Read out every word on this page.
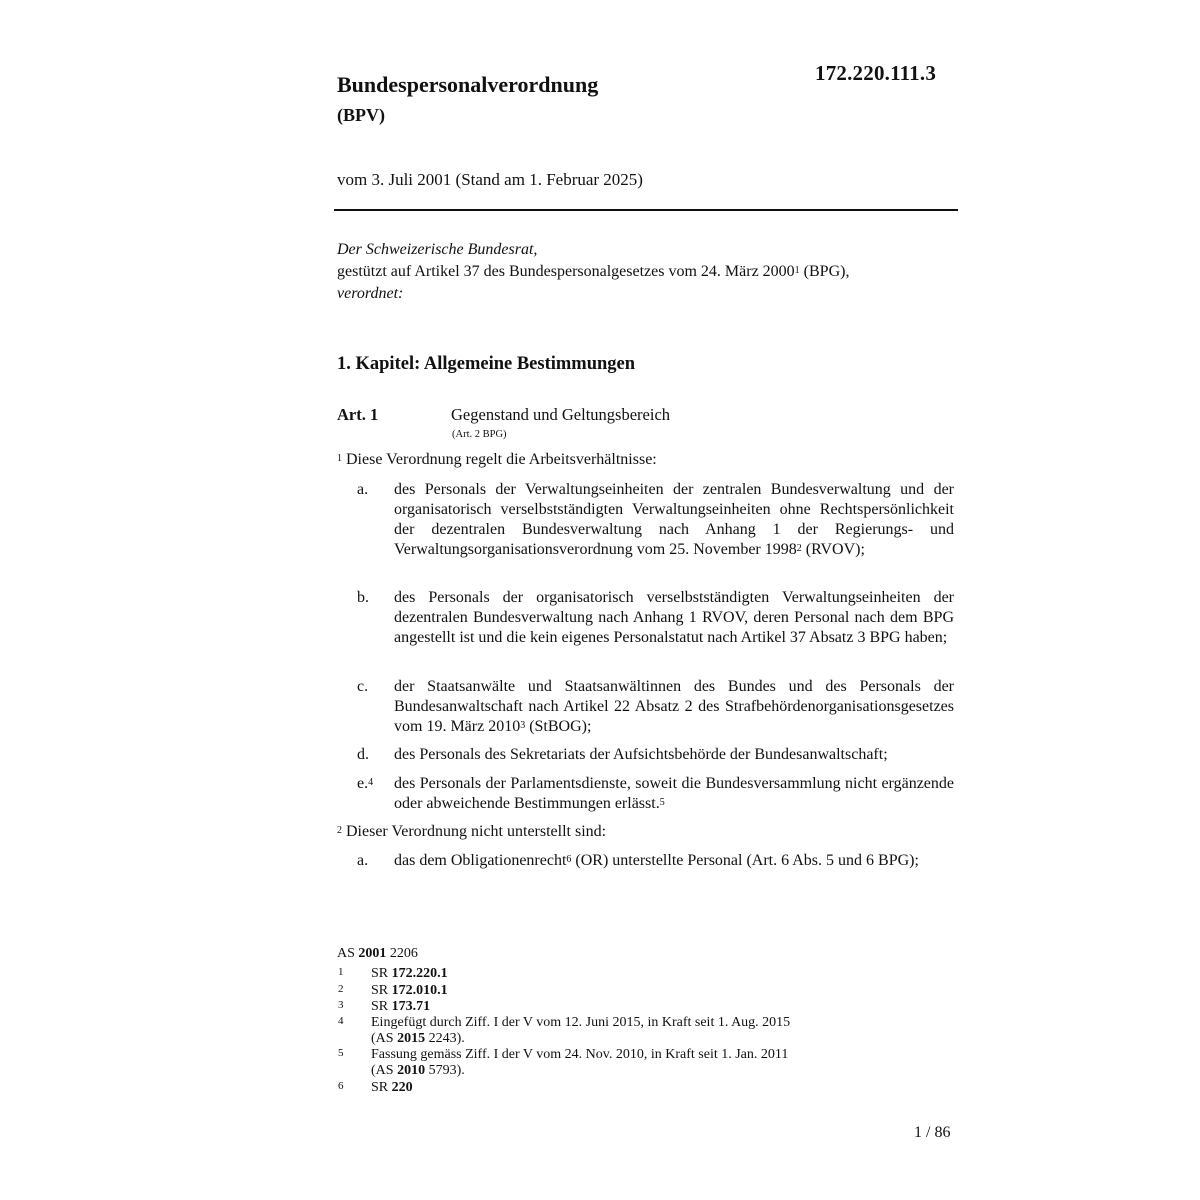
172.220.111.3
Bundespersonalverordnung
(BPV)
vom 3. Juli 2001 (Stand am 1. Februar 2025)
Der Schweizerische Bundesrat,
gestützt auf Artikel 37 des Bundespersonalgesetzes vom 24. März 2000$^1$ (BPG),
verordnet:
1. Kapitel: Allgemeine Bestimmungen
Art. 1	Gegenstand und Geltungsbereich
(Art. 2 BPG)
$^1$ Diese Verordnung regelt die Arbeitsverhältnisse:
a. des Personals der Verwaltungseinheiten der zentralen Bundesverwaltung und der organisatorisch verselbstständigten Verwaltungseinheiten ohne Rechtspersönlichkeit der dezentralen Bundesverwaltung nach Anhang 1 der Regierungs- und Verwaltungsorganisationsverordnung vom 25. November 1998$^2$ (RVOV);
b. des Personals der organisatorisch verselbstständigten Verwaltungseinheiten der dezentralen Bundesverwaltung nach Anhang 1 RVOV, deren Personal nach dem BPG angestellt ist und die kein eigenes Personalstatut nach Artikel 37 Absatz 3 BPG haben;
c. der Staatsanwälte und Staatsanwältinnen des Bundes und des Personals der Bundesanwaltschaft nach Artikel 22 Absatz 2 des Strafbehördenorganisationsgesetzes vom 19. März 2010$^3$ (StBOG);
d. des Personals des Sekretariats der Aufsichtsbehörde der Bundesanwaltschaft;
e.$^4$ des Personals der Parlamentsdienste, soweit die Bundesversammlung nicht ergänzende oder abweichende Bestimmungen erlässt.$^5$
$^2$ Dieser Verordnung nicht unterstellt sind:
a. das dem Obligationenrecht$^6$ (OR) unterstellte Personal (Art. 6 Abs. 5 und 6 BPG);
AS 2001 2206
1 SR 172.220.1
2 SR 172.010.1
3 SR 173.71
4 Eingefügt durch Ziff. I der V vom 12. Juni 2015, in Kraft seit 1. Aug. 2015
(AS 2015 2243).
5 Fassung gemäss Ziff. I der V vom 24. Nov. 2010, in Kraft seit 1. Jan. 2011
(AS 2010 5793).
6 SR 220
1 / 86
